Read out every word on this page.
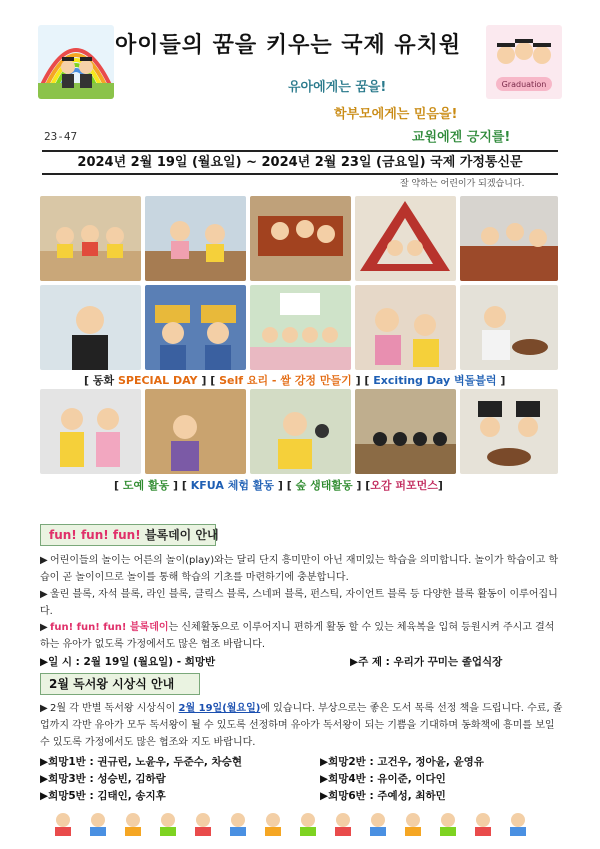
Graduation
아이들의 꿈을 키우는 국제 유치원
유아에게는 꿈을!
학부모에게는 믿음을!
교원에겐 긍지를!
23-47
2024년 2월 19일 (월요일) ~ 2024년 2월 23일 (금요일) 국제 가정통신문
잘 약하는 어린이가 되겠습니다.
[ 동화 SPECIAL DAY ] [ Self 요리 - 쌀 강정 만들기 ] [ Exciting Day 벽돌블럭 ]
[ 도예 활동 ] [ KFUA 체험 활동 ] [ 숲 생태활동 ] [오감 퍼포먼스]
fun! fun! fun! 블록데이 안내
▶ 어린이들의 놀이는 어른의 놀이(play)와는 달리 단지 흥미만이 아닌 재미있는 학습을 의미합니다. 놀이가 학습이고 학습이 곧 놀이이므로 놀이를 통해 학습의 기초를 마련하기에 충분합니다.
▶ 울린 블록, 자석 블록, 라인 블록, 클릭스 블록, 스네퍼 블록, 펀스틱, 자이언트 블록 등 다양한 블록 활동이 이루어집니다.
▶ fun! fun! fun! 블록데이는 신체활동으로 이루어지니 편하게 활동 할 수 있는 체육복을 입혀 등원시켜 주시고 결석하는 유아가 없도록 가정에서도 많은 협조 바랍니다.
▶일 시 : 2월 19일 (월요일) - 희망반	▶주 제 : 우리가 꾸미는 졸업식장
2월 독서왕 시상식 안내
▶ 2월 각 반별 독서왕 시상식이 2월 19일(월요일)에 있습니다. 부상으로는 좋은 도서 목록 선정 책을 드립니다. 수료, 졸업까지 각반 유아가 모두 독서왕이 될 수 있도록 선정하며 유아가 독서왕이 되는 기쁨을 기대하며 동화책에 흥미를 보일 수 있도록 가정에서도 많은 협조와 지도 바랍니다.
▶희망1반 : 권규린, 노윤우, 두준수, 차승현	▶희망2반 : 고건우, 정아윤, 윤영유
▶희망3반 : 성승빈, 김하람	▶희망4반 : 유이준, 이다인
▶희망5반 : 김태인, 송지후	▶희망6반 : 주예성, 최하민
